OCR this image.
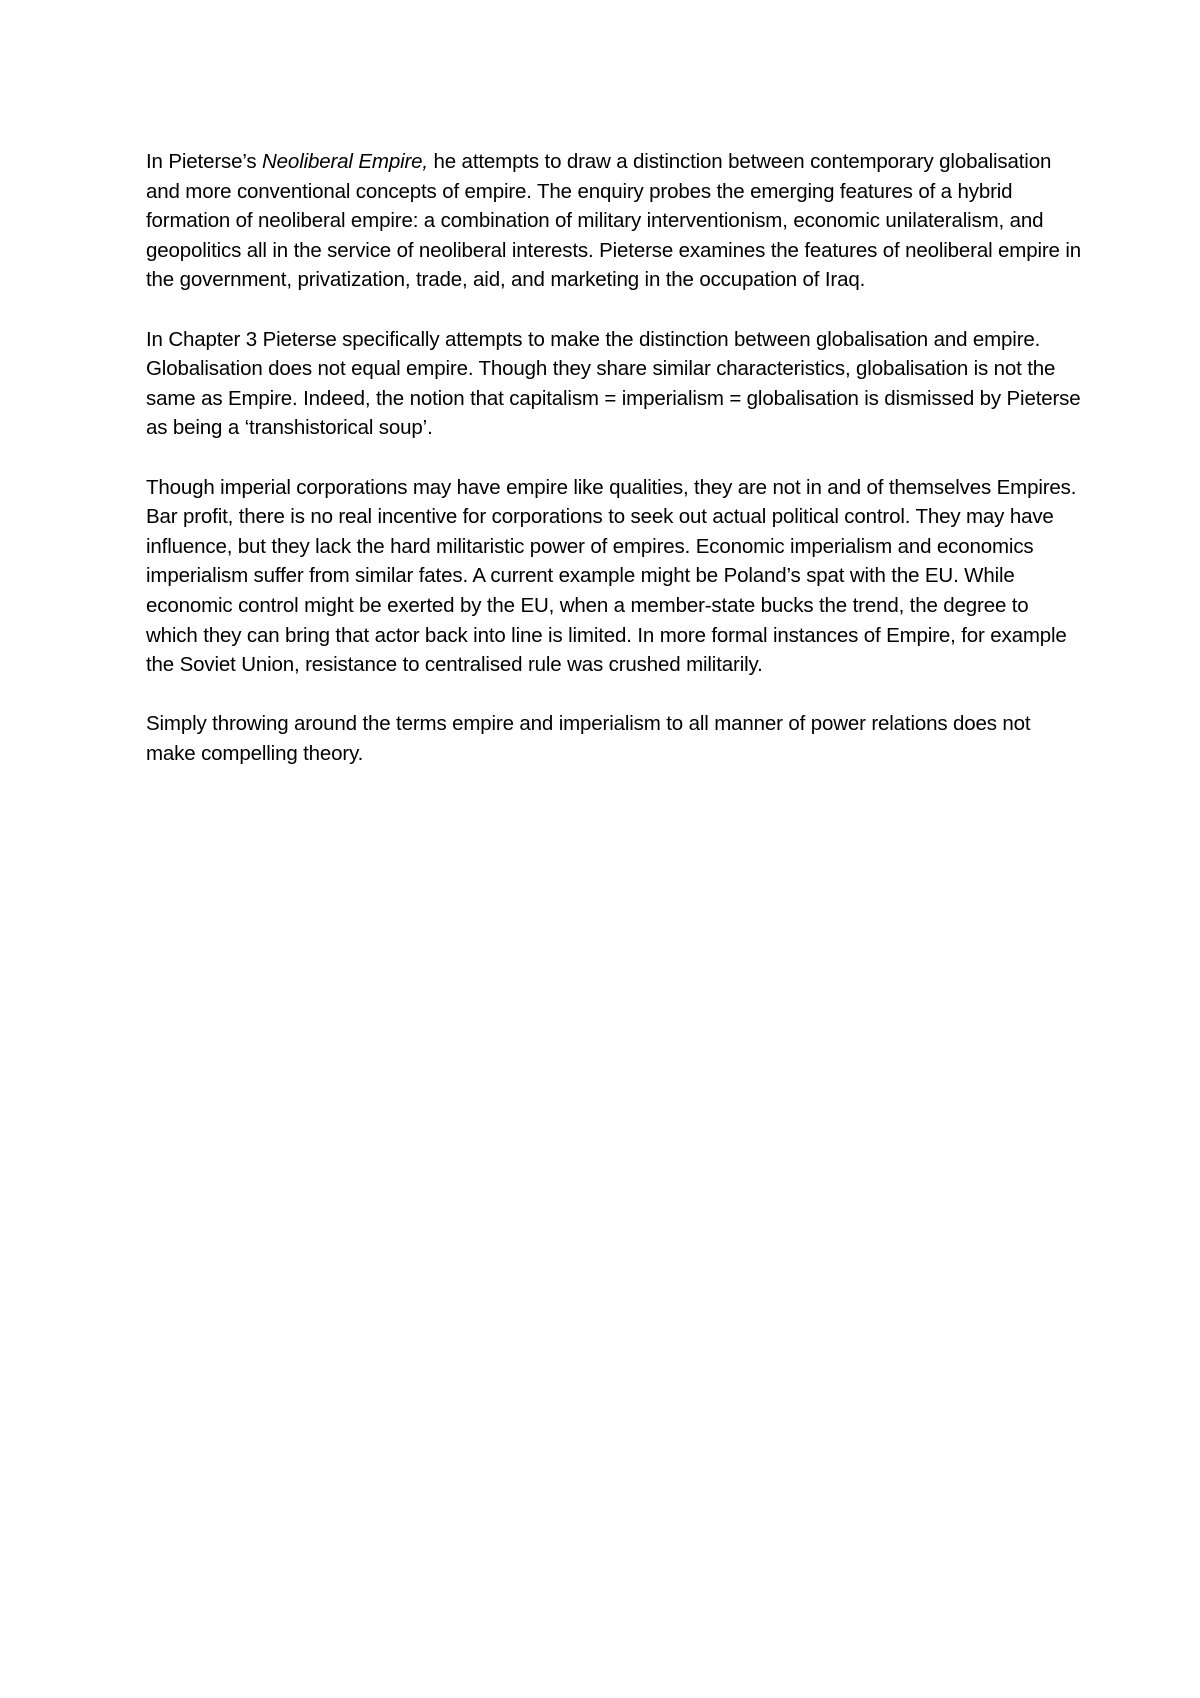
In Pieterse’s Neoliberal Empire, he attempts to draw a distinction between contemporary globalisation and more conventional concepts of empire. The enquiry probes the emerging features of a hybrid formation of neoliberal empire: a combination of military interventionism, economic unilateralism, and geopolitics all in the service of neoliberal interests. Pieterse examines the features of neoliberal empire in the government, privatization, trade, aid, and marketing in the occupation of Iraq.

In Chapter 3 Pieterse specifically attempts to make the distinction between globalisation and empire. Globalisation does not equal empire. Though they share similar characteristics, globalisation is not the same as Empire. Indeed, the notion that capitalism = imperialism = globalisation is dismissed by Pieterse as being a ‘transhistorical soup’.

Though imperial corporations may have empire like qualities, they are not in and of themselves Empires. Bar profit, there is no real incentive for corporations to seek out actual political control. They may have influence, but they lack the hard militaristic power of empires. Economic imperialism and economics imperialism suffer from similar fates. A current example might be Poland’s spat with the EU. While economic control might be exerted by the EU, when a member-state bucks the trend, the degree to which they can bring that actor back into line is limited. In more formal instances of Empire, for example the Soviet Union, resistance to centralised rule was crushed militarily.

Simply throwing around the terms empire and imperialism to all manner of power relations does not make compelling theory.
